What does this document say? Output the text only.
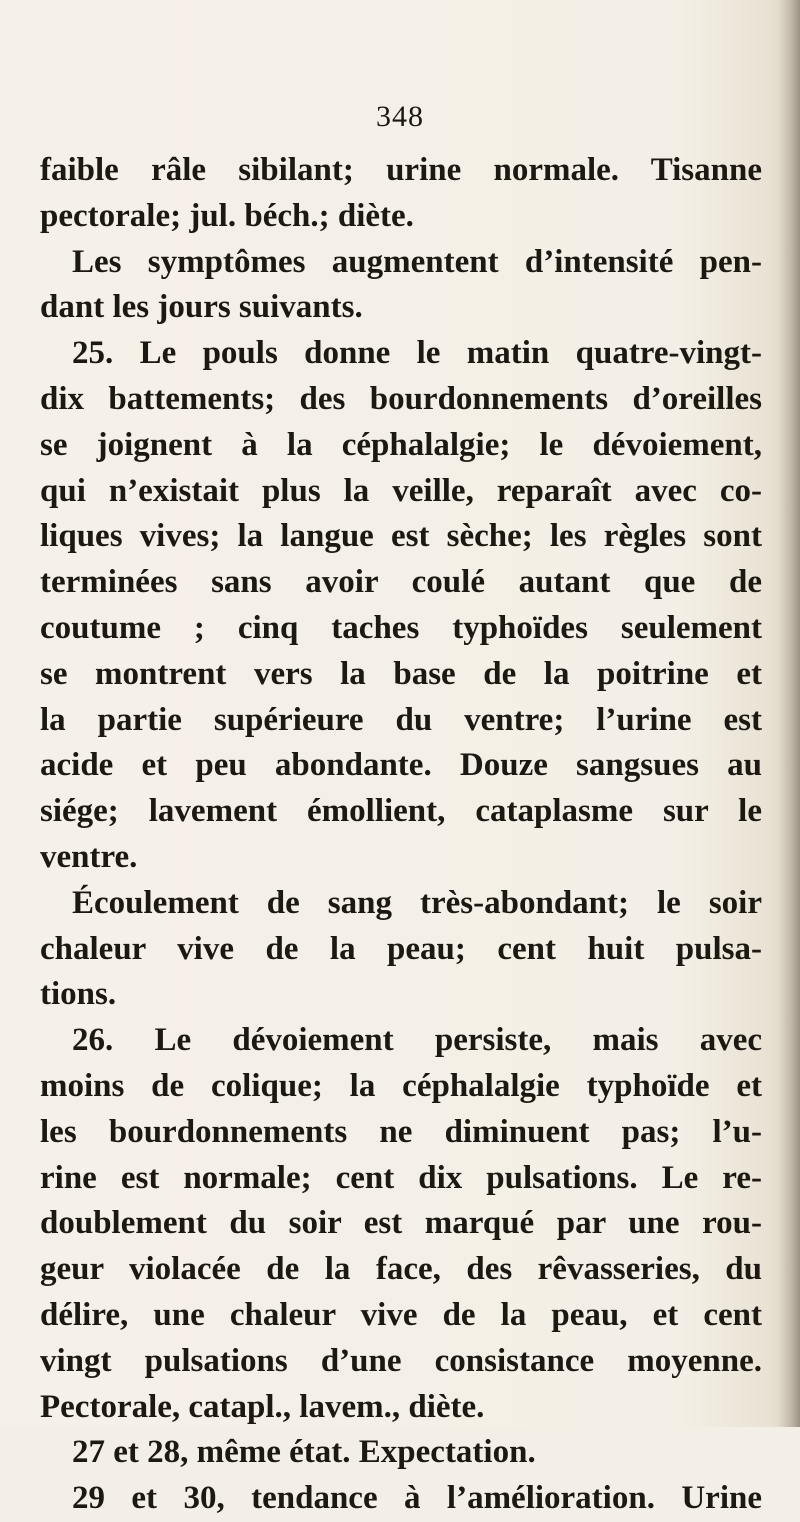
348
faible râle sibilant; urine normale. Tisanne
pectorale; jul. béch.; diète.
Les symptômes augmentent d’intensité pen-
dant les jours suivants.
25. Le pouls donne le matin quatre-vingt-
dix battements; des bourdonnements d’oreilles
se joignent à la céphalalgie; le dévoiement,
qui n’existait plus la veille, reparaît avec co-
liques vives; la langue est sèche; les règles sont
terminées sans avoir coulé autant que de
coutume ; cinq taches typhoïdes seulement
se montrent vers la base de la poitrine et
la partie supérieure du ventre; l’urine est
acide et peu abondante. Douze sangsues au
siége; lavement émollient, cataplasme sur le
ventre.
Écoulement de sang très-abondant; le soir
chaleur vive de la peau; cent huit pulsa-
tions.
26. Le dévoiement persiste, mais avec
moins de colique; la céphalalgie typhoïde et
les bourdonnements ne diminuent pas; l’u-
rine est normale; cent dix pulsations. Le re-
doublement du soir est marqué par une rou-
geur violacée de la face, des rêvasseries, du
délire, une chaleur vive de la peau, et cent
vingt pulsations d’une consistance moyenne.
Pectorale, catapl., lavem., diète.
27 et 28, même état. Expectation.
29 et 30, tendance à l’amélioration. Urine
